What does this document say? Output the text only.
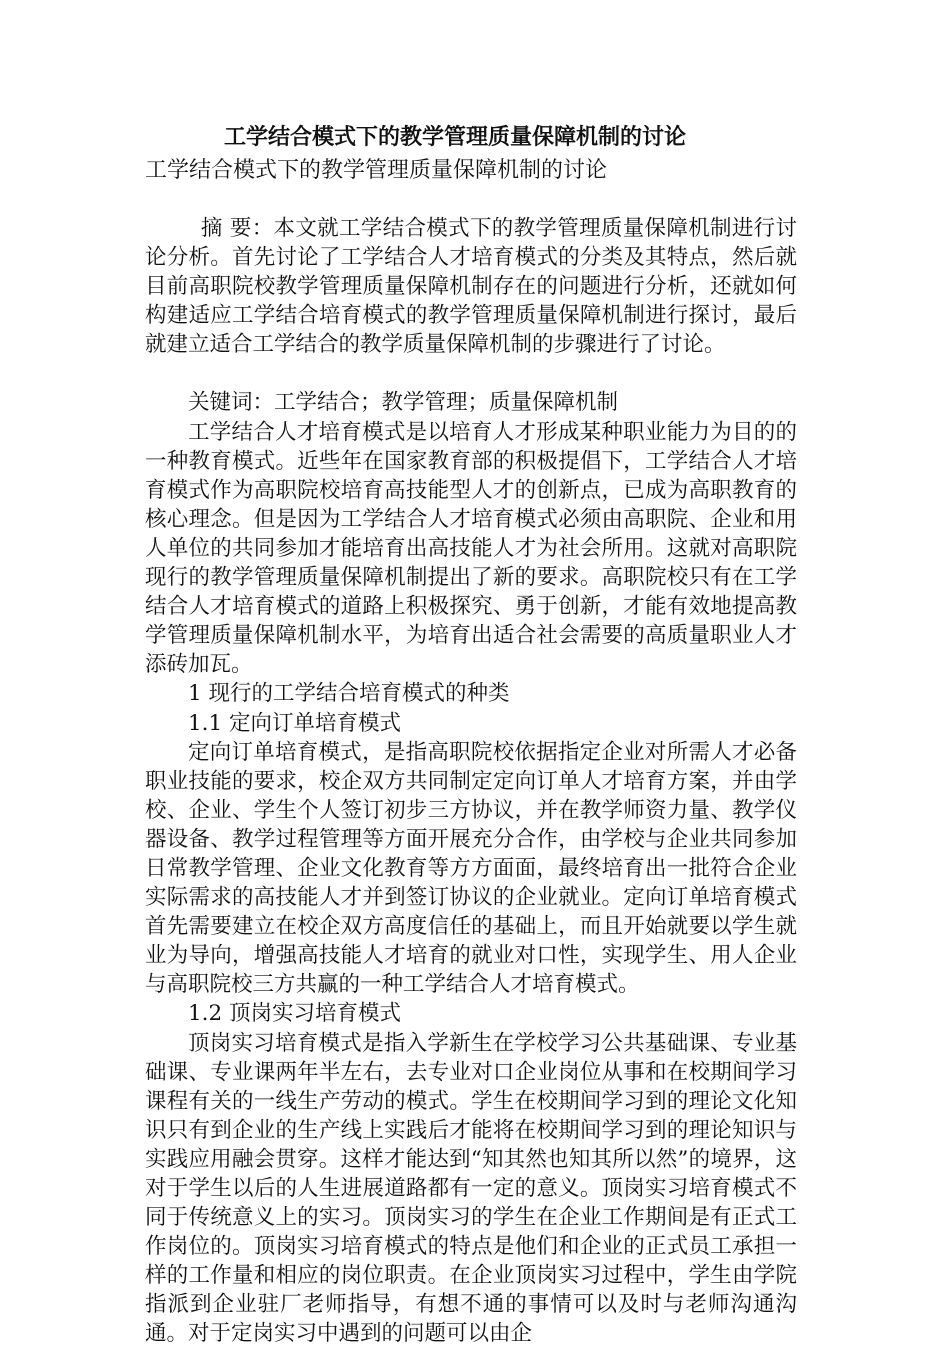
工学结合模式下的教学管理质量保障机制的讨论
工学结合模式下的教学管理质量保障机制的讨论

摘 要：本文就工学结合模式下的教学管理质量保障机制进行讨论分析。首先讨论了工学结合人才培育模式的分类及其特点，然后就目前高职院校教学管理质量保障机制存在的问题进行分析，还就如何构建适应工学结合培育模式的教学管理质量保障机制进行探讨，最后就建立适合工学结合的教学质量保障机制的步骤进行了讨论。

关键词：工学结合；教学管理；质量保障机制

工学结合人才培育模式是以培育人才形成某种职业能力为目的的一种教育模式。近些年在国家教育部的积极提倡下，工学结合人才培育模式作为高职院校培育高技能型人才的创新点，已成为高职教育的核心理念。但是因为工学结合人才培育模式必须由高职院、企业和用人单位的共同参加才能培育出高技能人才为社会所用。这就对高职院现行的教学管理质量保障机制提出了新的要求。高职院校只有在工学结合人才培育模式的道路上积极探究、勇于创新，才能有效地提高教学管理质量保障机制水平，为培育出适合社会需要的高质量职业人才添砖加瓦。

1 现行的工学结合培育模式的种类

1.1 定向订单培育模式

定向订单培育模式，是指高职院校依据指定企业对所需人才必备职业技能的要求，校企双方共同制定定向订单人才培育方案，并由学校、企业、学生个人签订初步三方协议，并在教学师资力量、教学仪器设备、教学过程管理等方面开展充分合作，由学校与企业共同参加日常教学管理、企业文化教育等方方面面，最终培育出一批符合企业实际需求的高技能人才并到签订协议的企业就业。定向订单培育模式首先需要建立在校企双方高度信任的基础上，而且开始就要以学生就业为导向，增强高技能人才培育的就业对口性，实现学生、用人企业与高职院校三方共赢的一种工学结合人才培育模式。

1.2 顶岗实习培育模式

顶岗实习培育模式是指入学新生在学校学习公共基础课、专业基础课、专业课两年半左右，去专业对口企业岗位从事和在校期间学习课程有关的一线生产劳动的模式。学生在校期间学习到的理论文化知识只有到企业的生产线上实践后才能将在校期间学习到的理论知识与实践应用融会贯穿。这样才能达到“知其然也知其所以然”的境界，这对于学生以后的人生进展道路都有一定的意义。顶岗实习培育模式不同于传统意义上的实习。顶岗实习的学生在企业工作期间是有正式工作岗位的。顶岗实习培育模式的特点是他们和企业的正式员工承担一样的工作量和相应的岗位职责。在企业顶岗实习过程中，学生由学院指派到企业驻厂老师指导，有想不通的事情可以及时与老师沟通沟通。对于定岗实习中遇到的问题可以由企
